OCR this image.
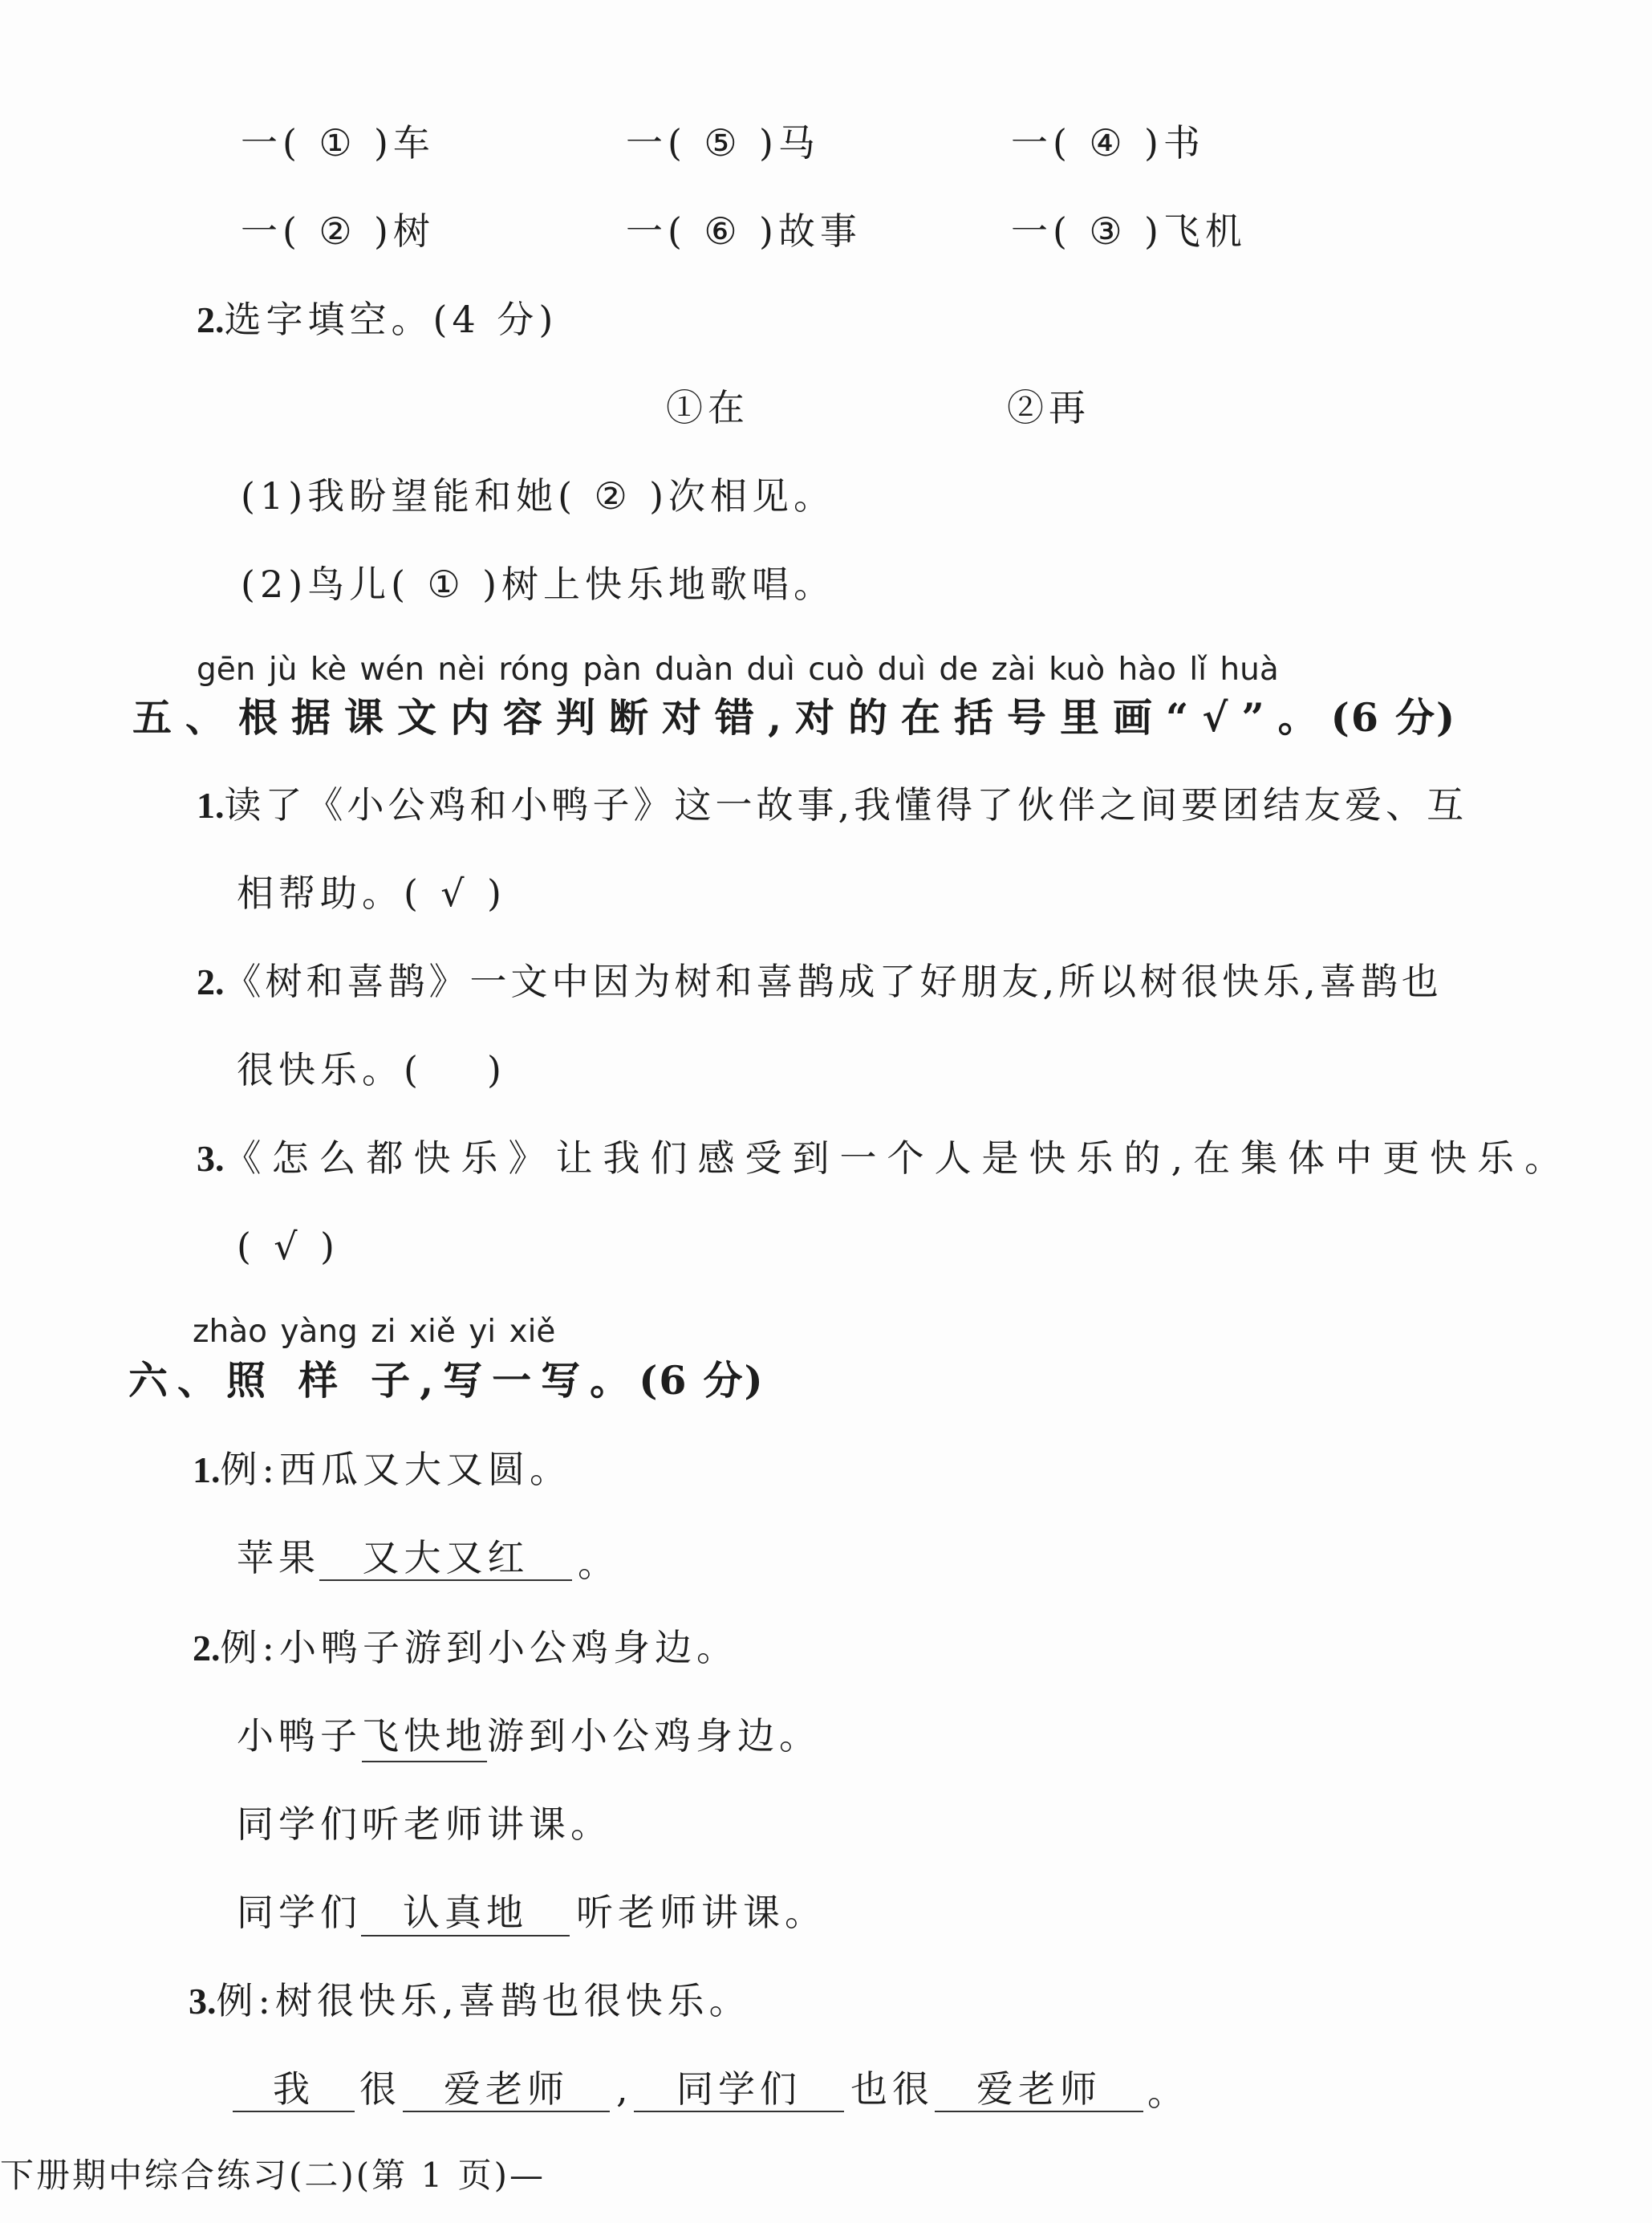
一( ① )车	一( ⑤ )马	一( ④ )书
一( ② )树	一( ⑥ )故事	一( ③ )飞机
2.选字填空。(4 分)
①在	②再
(1)我盼望能和她( ② )次相见。
(2)鸟儿( ① )树上快乐地歌唱。
gēn jù kè wén nèi róng pàn duàn duì cuò duì de zài kuò hào lǐ huà
五、根据课文内容判断对错,对的在括号里画“√”。(6 分)
1.读了《小公鸡和小鸭子》这一故事,我懂得了伙伴之间要团结友爱、互
相帮助。( √ )
2.《树和喜鹊》一文中因为树和喜鹊成了好朋友,所以树很快乐,喜鹊也
很快乐。( )
3.《怎么都快乐》让我们感受到一个人是快乐的,在集体中更快乐。
( √ )
zhào yàng zi xiě yi xiě
六、照 样 子,写一写。(6 分)
1.例:西瓜又大又圆。
苹果	又大又红	。
2.例:小鸭子游到小公鸡身边。
小鸭子飞快地游到小公鸡身边。
同学们听老师讲课。
同学们	认真地	听老师讲课。
3.例:树很快乐,喜鹊也很快乐。
我	很	爱老师	,	同学们	也很	爱老师	。
下册期中综合练习(二)(第 1 页)—
